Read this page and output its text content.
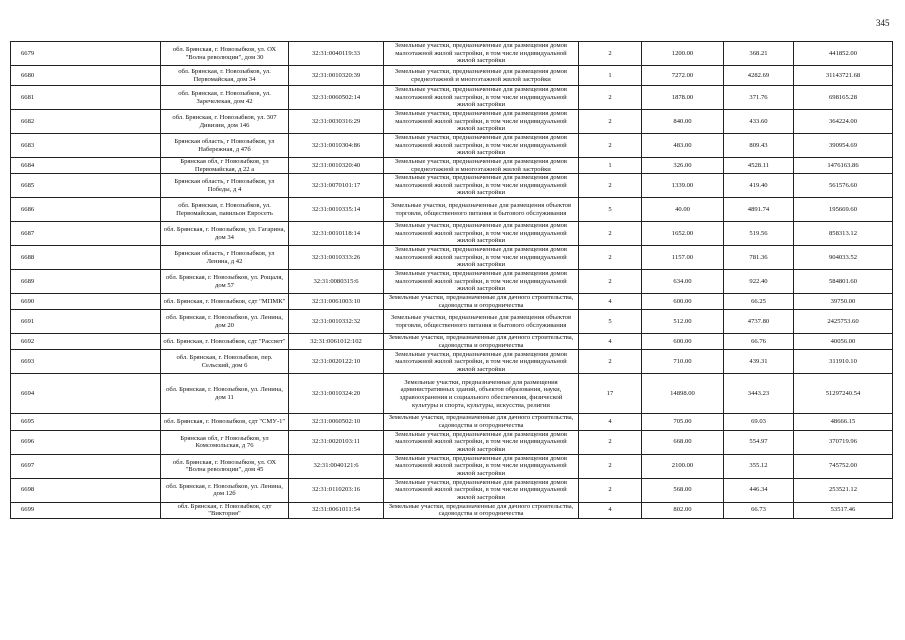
345
6679	обл. Брянская, г. Новозыбков, ул. ОХ "Волна революции", дом 30	32:31:0040119:33	Земельные участки, предназначенные для размещения домов малоэтажной жилой застройки, в том числе индивидуальной жилой застройки	2	1200.00	368.21	441852.00
6680	обл. Брянская, г. Новозыбков, ул. Первомайская, дом 34	32:31:0010320:39	Земельные участки, предназначенные для размещения домов среднеэтажной и многоэтажной жилой застройки	1	7272.00	4282.69	31143721.68
6681	обл. Брянская, г. Новозыбков, ул. Заречелекая, дом 42	32:31:0060502:14	Земельные участки, предназначенные для размещения домов малоэтажной жилой застройки, в том числе индивидуальной жилой застройки	2	1878.00	371.76	698165.28
6682	обл. Брянская, г. Новозыбков, ул. 307 Дивизии, дом 146	32:31:0030316:29	Земельные участки, предназначенные для размещения домов малоэтажной жилой застройки, в том числе индивидуальной жилой застройки	2	840.00	433.60	364224.00
6683	Брянская область, г Новозыбков, ул Набережная, д 47б	32:31:0010304:86	Земельные участки, предназначенные для размещения домов малоэтажной жилой застройки, в том числе индивидуальной жилой застройки	2	483.00	809.43	390954.69
6684	Брянская обл, г Новозыбков, ул Первомайская, д 22 а	32:31:0010320:40	Земельные участки, предназначенные для размещения домов среднеэтажной и многоэтажной жилой застройки	1	326.00	4528.11	1476163.86
6685	Брянская область, г Новозыбков, ул Победы, д 4	32:31:0070101:17	Земельные участки, предназначенные для размещения домов малоэтажной жилой застройки, в том числе индивидуальной жилой застройки	2	1339.00	419.40	561576.60
6686	обл. Брянская, г. Новозыбков, ул. Первомайская, павильон Евросеть	32:31:0010335:14	Земельные участки, предназначенные для размещения объектов торговли, общественного питания и бытового обслуживания	5	40.00	4891.74	195669.60
6687	обл. Брянская, г. Новозыбков, ул. Гагарина, дом 34	32:31:0010118:14	Земельные участки, предназначенные для размещения домов малоэтажной жилой застройки, в том числе индивидуальной жилой застройки	2	1652.00	519.56	858313.12
6688	Брянская область, г Новозыбков, ул Ленина, д 42	32:31:0010333:26	Земельные участки, предназначенные для размещения домов малоэтажной жилой застройки, в том числе индивидуальной жилой застройки	2	1157.00	781.36	904033.52
6689	обл. Брянская, г. Новозыбков, ул. Рощаля, дом 57	32:31:0080315:6	Земельные участки, предназначенные для размещения домов малоэтажной жилой застройки, в том числе индивидуальной жилой застройки	2	634.00	922.40	584801.60
6690	обл. Брянская, г. Новозыбков, сдт "МПМК"	32:31:0061003:10	Земельные участки, предназначенные для дачного строительства, садоводства и огородничества	4	600.00	66.25	39750.00
6691	обл. Брянская, г. Новозыбков, ул. Ленина, дом 20	32:31:0010332:32	Земельные участки, предназначенные для размещения объектов торговли, общественного питания и бытового обслуживания	5	512.00	4737.80	2425753.60
6692	обл. Брянская, г. Новозыбков, сдт "Рассвет"	32:31:0061012:102	Земельные участки, предназначенные для дачного строительства, садоводства и огородничества	4	600.00	66.76	40056.00
6693	обл. Брянская, г. Новозыбков, пер. Сельский, дом 6	32:31:0020122:10	Земельные участки, предназначенные для размещения домов малоэтажной жилой застройки, в том числе индивидуальной жилой застройки	2	710.00	439.31	311910.10
6694	обл. Брянская, г. Новозыбков, ул. Ленина, дом 11	32:31:0010324:20	Земельные участки, предназначенные для размещения административных зданий, объектов образования, науки, здравоохранения и социального обеспечения, физической культуры и спорта, культуры, искусства, религии	17	14898.00	3443.23	51297240.54
6695	обл. Брянская, г. Новозыбков, сдт "СМУ-1"	32:31:0060502:10	Земельные участки, предназначенные для дачного строительства, садоводства и огородничества	4	705.00	69.03	48666.15
6696	Брянская обл, г Новозыбков, ул Комсомольская, д 76	32:31:0020103:11	Земельные участки, предназначенные для размещения домов малоэтажной жилой застройки, в том числе индивидуальной жилой застройки	2	668.00	554.97	370719.96
6697	обл. Брянская, г. Новозыбков, ул. ОХ "Волна революции", дом 45	32:31:0040121:6	Земельные участки, предназначенные для размещения домов малоэтажной жилой застройки, в том числе индивидуальной жилой застройки	2	2100.00	355.12	745752.00
6698	обл. Брянская, г. Новозыбков, ул. Ленина, дом 12б	32:31:0110203:16	Земельные участки, предназначенные для размещения домов малоэтажной жилой застройки, в том числе индивидуальной жилой застройки	2	568.00	446.34	253521.12
6699	обл. Брянская, г. Новозыбков, сдт "Виктория"	32:31:0061011:54	Земельные участки, предназначенные для дачного строительства, садоводства и огородничества	4	802.00	66.73	53517.46
